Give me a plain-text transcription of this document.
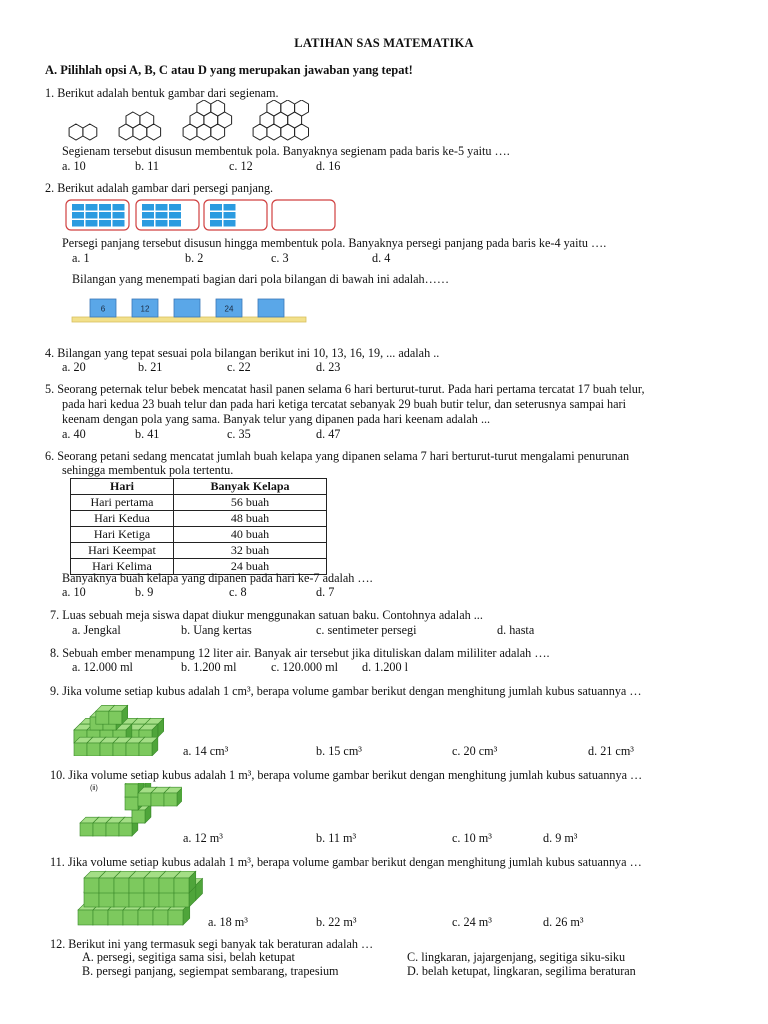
LATIHAN SAS MATEMATIKA
A. Pilihlah opsi A, B, C atau D yang merupakan jawaban yang tepat!
1. Berikut adalah bentuk gambar dari segienam.
Segienam tersebut disusun membentuk pola. Banyaknya segienam pada baris ke-5 yaitu ….
a. 10	b. 11	c. 12	d. 16
2. Berikut adalah gambar dari persegi panjang.
Persegi panjang tersebut disusun hingga membentuk pola. Banyaknya persegi panjang pada baris ke-4 yaitu ….
a. 1	b. 2	c. 3	d. 4
Bilangan yang menempati bagian dari pola bilangan di bawah ini adalah……
6	12	24
4. Bilangan yang tepat sesuai pola bilangan berikut ini 10, 13, 16, 19, ... adalah ..
a. 20	b. 21	c. 22	d. 23
5. Seorang peternak telur bebek mencatat hasil panen selama 6 hari berturut-turut. Pada hari pertama tercatat 17 buah telur,
pada hari kedua 23 buah telur dan pada hari ketiga tercatat sebanyak 29 buah butir telur, dan seterusnya sampai hari
keenam dengan pola yang sama. Banyak telur yang dipanen pada hari keenam adalah ...
a. 40	b. 41	c. 35	d. 47
6. Seorang petani sedang mencatat jumlah buah kelapa yang dipanen selama 7 hari berturut-turut mengalami penurunan
sehingga membentuk pola tertentu.
Hari	Banyak Kelapa
Hari pertama	56 buah
Hari Kedua	48 buah
Hari Ketiga	40 buah
Hari Keempat	32 buah
Hari Kelima	24 buah
Banyaknya buah kelapa yang dipanen pada hari ke-7 adalah ….
a. 10	b. 9	c. 8	d. 7
7. Luas sebuah meja siswa dapat diukur menggunakan satuan baku. Contohnya adalah ...
a. Jengkal	b. Uang kertas	c. sentimeter persegi	d. hasta
8. Sebuah ember menampung 12 liter air. Banyak air tersebut jika dituliskan dalam mililiter adalah ….
a. 12.000 ml	b. 1.200 ml	c. 120.000 ml d. 1.200 l
9. Jika volume setiap kubus adalah 1 cm³, berapa volume gambar berikut dengan menghitung jumlah kubus satuannya …
a. 14 cm³	b. 15 cm³	c. 20 cm³	d. 21 cm³
10. Jika volume setiap kubus adalah 1 m³, berapa volume gambar berikut dengan menghitung jumlah kubus satuannya …
(ii)
a. 12 m³	b. 11 m³	c. 10 m³	d. 9 m³
11. Jika volume setiap kubus adalah 1 m³, berapa volume gambar berikut dengan menghitung jumlah kubus satuannya …
a. 18 m³	b. 22 m³	c. 24 m³	d. 26 m³
12. Berikut ini yang termasuk segi banyak tak beraturan adalah …
A. persegi, segitiga sama sisi, belah ketupat	C. lingkaran, jajargenjang, segitiga siku-siku
B. persegi panjang, segiempat sembarang, trapesium	D. belah ketupat, lingkaran, segilima beraturan
